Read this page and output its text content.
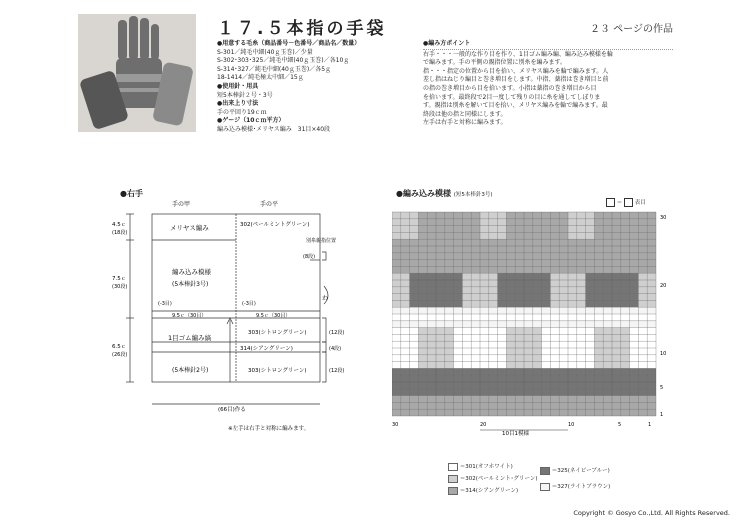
１７.５本指の手袋	２３ ページの作品
●用意する毛糸（商品番号－色番号／商品名／数量）
S-301／純毛中細(40ｇ玉巻)／少量
S-302･303･325／純毛中細(40ｇ玉巻)／各10ｇ
S-314･327／純毛中細(40ｇ玉巻)／各5ｇ
18-1414／純毛極太中細／15ｇ
●使用針・用具
短5本棒針２号・3号
●出来上り寸法
手の平回り19ｃｍ
●ゲージ（10ｃｍ平方）
編み込み模様･メリヤス編み　31目×40段
●編み方ポイント
右手・・・一般的な作り目を作り、1目ゴム編み編、編み込み模様を輪
で編みます。手の平側の親指位置に別糸を編みます。
指・・・指定の位置から目を拾い、メリヤス編みを輪で編みます。人
差し指はねじり編目と巻き増目をします。中指、薬指は巻き増目と前
の指の巻き増目から目を拾います。小指は薬指の巻き増目から目
を拾います。最終段で2目一度して残りの目に糸を通してしぼりま
す。親指は別糸を解いて目を拾い、メリヤス編みを輪で編みます。最
終段は他の指と同様にします。
左手は右手と対称に編みます。
●右手
手の甲	手の平
4.5ｃ
(18段)
7.5ｃ
(30段)
6.5ｃ
(26段)
メリヤス編み
編み込み模様
(5本棒針3号)
1目ゴム編み縞
(5本棒針2号)
302(ペールミントグリーン)
別糸 親指位置
(8段)
わ
303(シトロングリーン)
314(シアングリーン)
303(シトロングリーン)
(12段)
(4段)
(12段)
(-3目)	(-3目)
9.5ｃ（30目）	9.5ｃ（30目）
(66目)作る
※左手は右手と対称に編みます。
●編み込み模様 (短5本棒針3号)
＝ 表目
30
20
10
5
1
30	20	10	5	1
10目1模様
＝301(オフホワイト)
＝302(ペールミント･グリーン)
＝314(シアングリーン)
＝325(ネイビーブルー)
＝327(ライトブラウン)
Copyright © Gosyo Co.,Ltd. All Rights Reserved.
